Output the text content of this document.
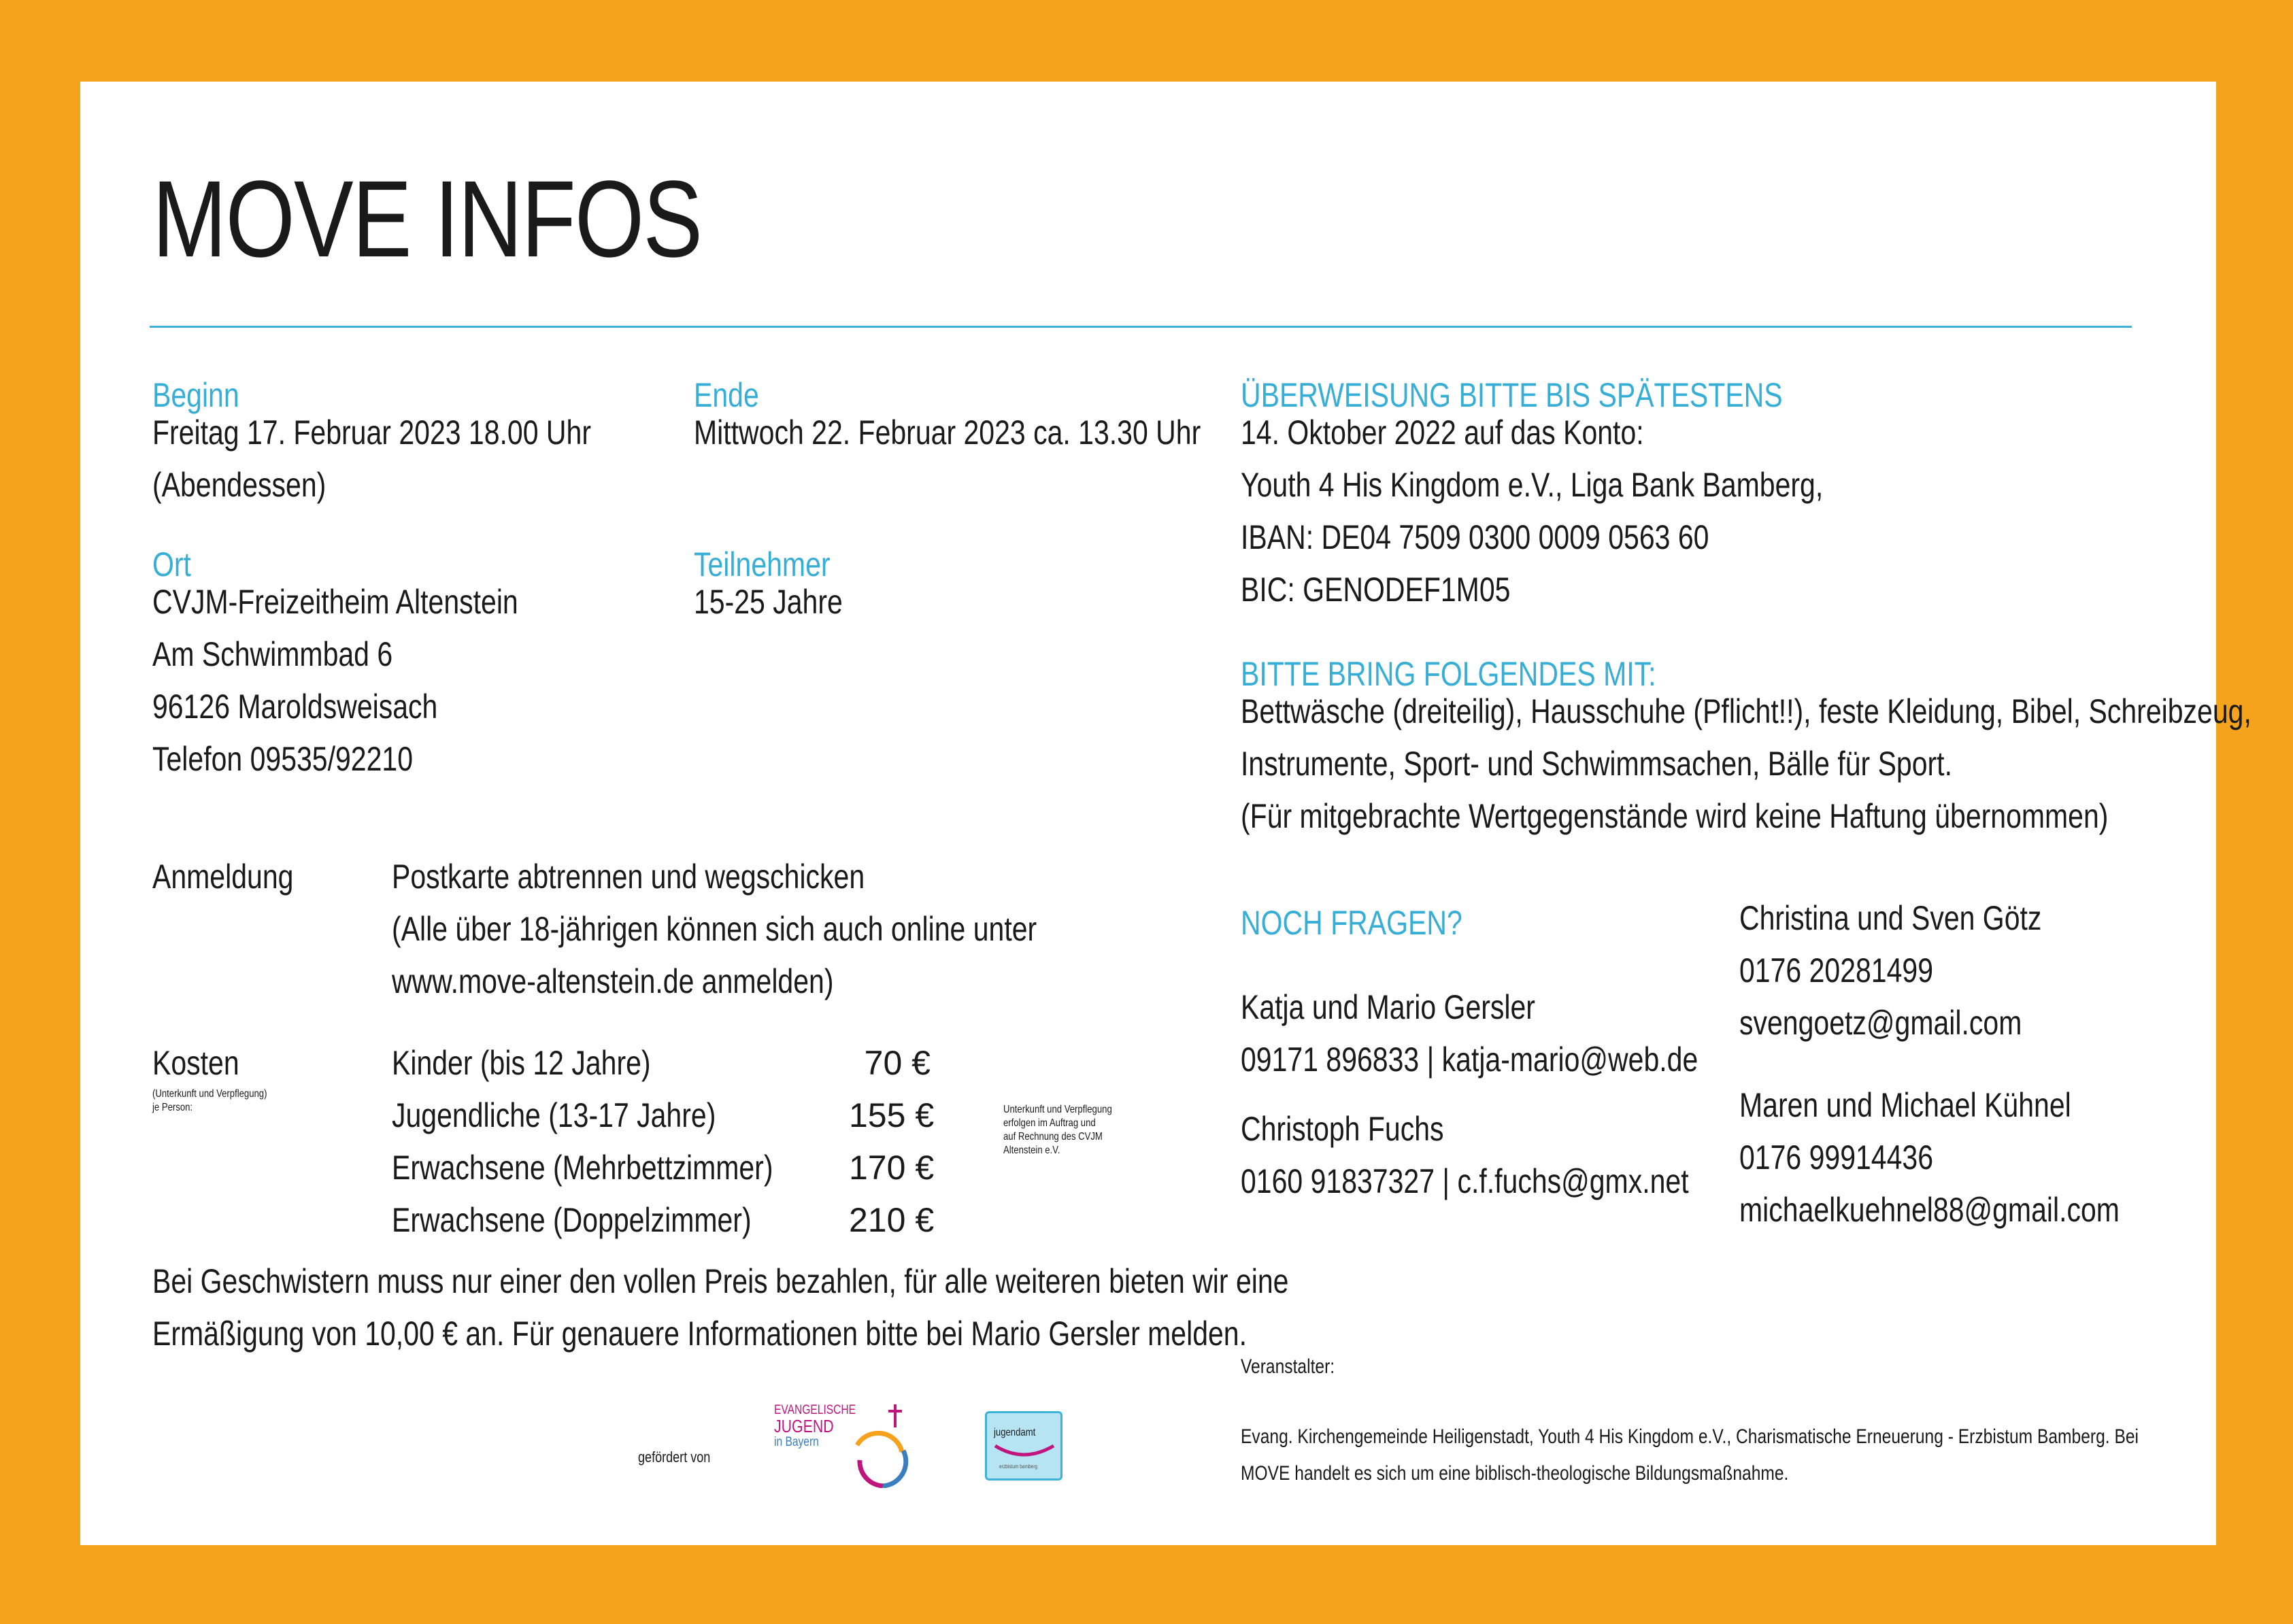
MOVE INFOS
Beginn
Freitag 17. Februar 2023 18.00 Uhr
(Abendessen)
Ende
Mittwoch 22. Februar 2023 ca. 13.30 Uhr
Ort
CVJM-Freizeitheim Altenstein
Am Schwimmbad 6
96126 Maroldsweisach
Telefon 09535/92210
Teilnehmer
15-25 Jahre
Anmeldung	Postkarte abtrennen und wegschicken
(Alle über 18-jährigen können sich auch online unter
www.move-altenstein.de anmelden)
Kosten
(Unterkunft und Verpflegung)
je Person:
Kinder (bis 12 Jahre)
Jugendliche (13-17 Jahre)
Erwachsene (Mehrbettzimmer)
Erwachsene (Doppelzimmer)
70 €
155 €
170 €
210 €
Unterkunft und Verpflegung
erfolgen im Auftrag und
auf Rechnung des CVJM
Altenstein e.V.
Bei Geschwistern muss nur einer den vollen Preis bezahlen, für alle weiteren bieten wir eine
Ermäßigung von 10,00 € an. Für genauere Informationen bitte bei Mario Gersler melden.
gefördert von
EVANGELISCHE
JUGEND
in Bayern
jugendamt
erzbistum bamberg
ÜBERWEISUNG BITTE BIS SPÄTESTENS
14. Oktober 2022 auf das Konto:
Youth 4 His Kingdom e.V., Liga Bank Bamberg,
IBAN: DE04 7509 0300 0009 0563 60
BIC: GENODEF1M05
BITTE BRING FOLGENDES MIT:
Bettwäsche (dreiteilig), Hausschuhe (Pflicht!!), feste Kleidung, Bibel, Schreibzeug,
Instrumente, Sport- und Schwimmsachen, Bälle für Sport.
(Für mitgebrachte Wertgegenstände wird keine Haftung übernommen)
NOCH FRAGEN?
Katja und Mario Gersler
09171 896833 | katja-mario@web.de
Christoph Fuchs
0160 91837327 | c.f.fuchs@gmx.net
Christina und Sven Götz
0176 20281499
svengoetz@gmail.com
Maren und Michael Kühnel
0176 99914436
michaelkuehnel88@gmail.com
Veranstalter:
Evang. Kirchengemeinde Heiligenstadt, Youth 4 His Kingdom e.V., Charismatische Erneuerung - Erzbistum Bamberg. Bei
MOVE handelt es sich um eine biblisch-theologische Bildungsmaßnahme.
